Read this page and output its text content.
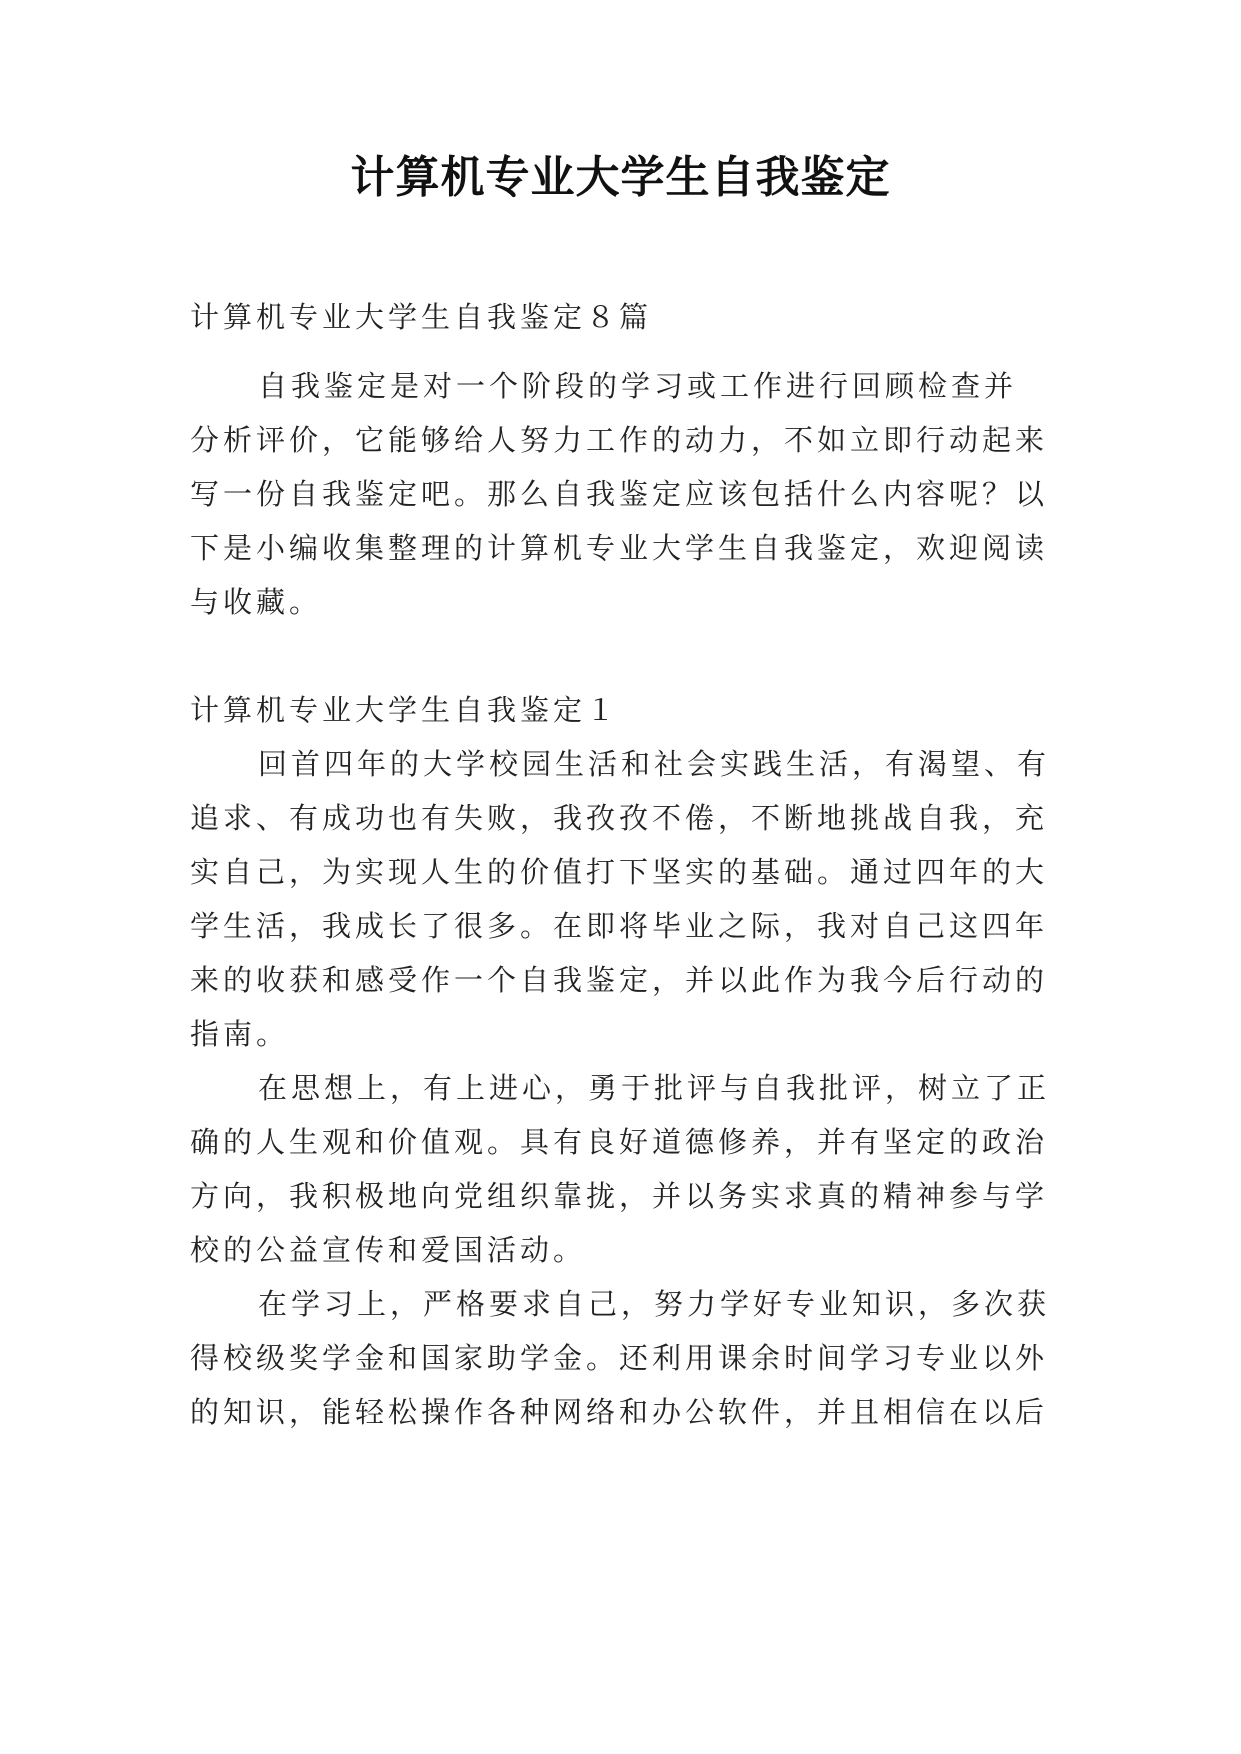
计算机专业大学生自我鉴定
计算机专业大学生自我鉴定８篇
自我鉴定是对一个阶段的学习或工作进行回顾检查并
分析评价，它能够给人努力工作的动力，不如立即行动起来
写一份自我鉴定吧。那么自我鉴定应该包括什么内容呢？以
下是小编收集整理的计算机专业大学生自我鉴定，欢迎阅读
与收藏。
计算机专业大学生自我鉴定１
回首四年的大学校园生活和社会实践生活，有渴望、有
追求、有成功也有失败，我孜孜不倦，不断地挑战自我，充
实自己，为实现人生的价值打下坚实的基础。通过四年的大
学生活，我成长了很多。在即将毕业之际，我对自己这四年
来的收获和感受作一个自我鉴定，并以此作为我今后行动的
指南。
在思想上，有上进心，勇于批评与自我批评，树立了正
确的人生观和价值观。具有良好道德修养，并有坚定的政治
方向，我积极地向党组织靠拢，并以务实求真的精神参与学
校的公益宣传和爱国活动。
在学习上，严格要求自己，努力学好专业知识，多次获
得校级奖学金和国家助学金。还利用课余时间学习专业以外
的知识，能轻松操作各种网络和办公软件，并且相信在以后
